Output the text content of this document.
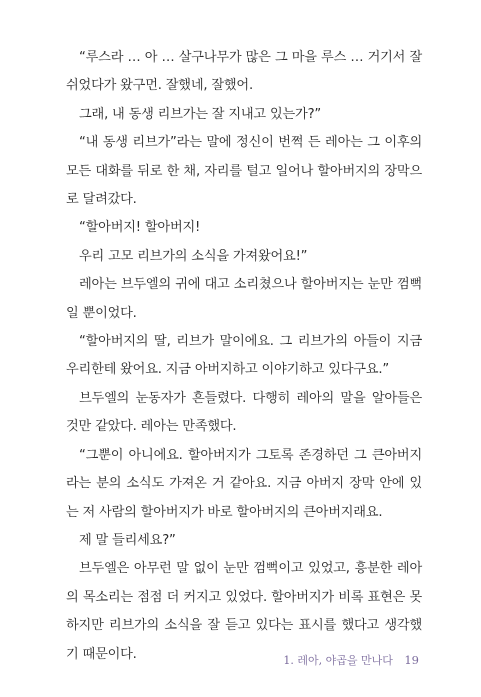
“루스라 … 아 … 살구나무가 많은 그 마을 루스 … 거기서 잘 쉬었다가 왔구먼. 잘했네, 잘했어.

그래, 내 동생 리브가는 잘 지내고 있는가?”

“내 동생 리브가”라는 말에 정신이 번쩍 든 레아는 그 이후의 모든 대화를 뒤로 한 채, 자리를 털고 일어나 할아버지의 장막으로 달려갔다.

“할아버지! 할아버지!

우리 고모 리브가의 소식을 가져왔어요!”

레아는 브두엘의 귀에 대고 소리쳤으나 할아버지는 눈만 껌뻑일 뿐이었다.

“할아버지의 딸, 리브가 말이에요. 그 리브가의 아들이 지금 우리한테 왔어요. 지금 아버지하고 이야기하고 있다구요.”

브두엘의 눈동자가 흔들렸다. 다행히 레아의 말을 알아들은 것만 같았다. 레아는 만족했다.

“그뿐이 아니에요. 할아버지가 그토록 존경하던 그 큰아버지라는 분의 소식도 가져온 거 같아요. 지금 아버지 장막 안에 있는 저 사람의 할아버지가 바로 할아버지의 큰아버지래요.

제 말 들리세요?”

브두엘은 아무런 말 없이 눈만 껌뻑이고 있었고, 흥분한 레아의 목소리는 점점 더 커지고 있었다. 할아버지가 비록 표현은 못 하지만 리브가의 소식을 잘 듣고 있다는 표시를 했다고 생각했기 때문이다.	1. 레아, 야곱을 만나다 19
